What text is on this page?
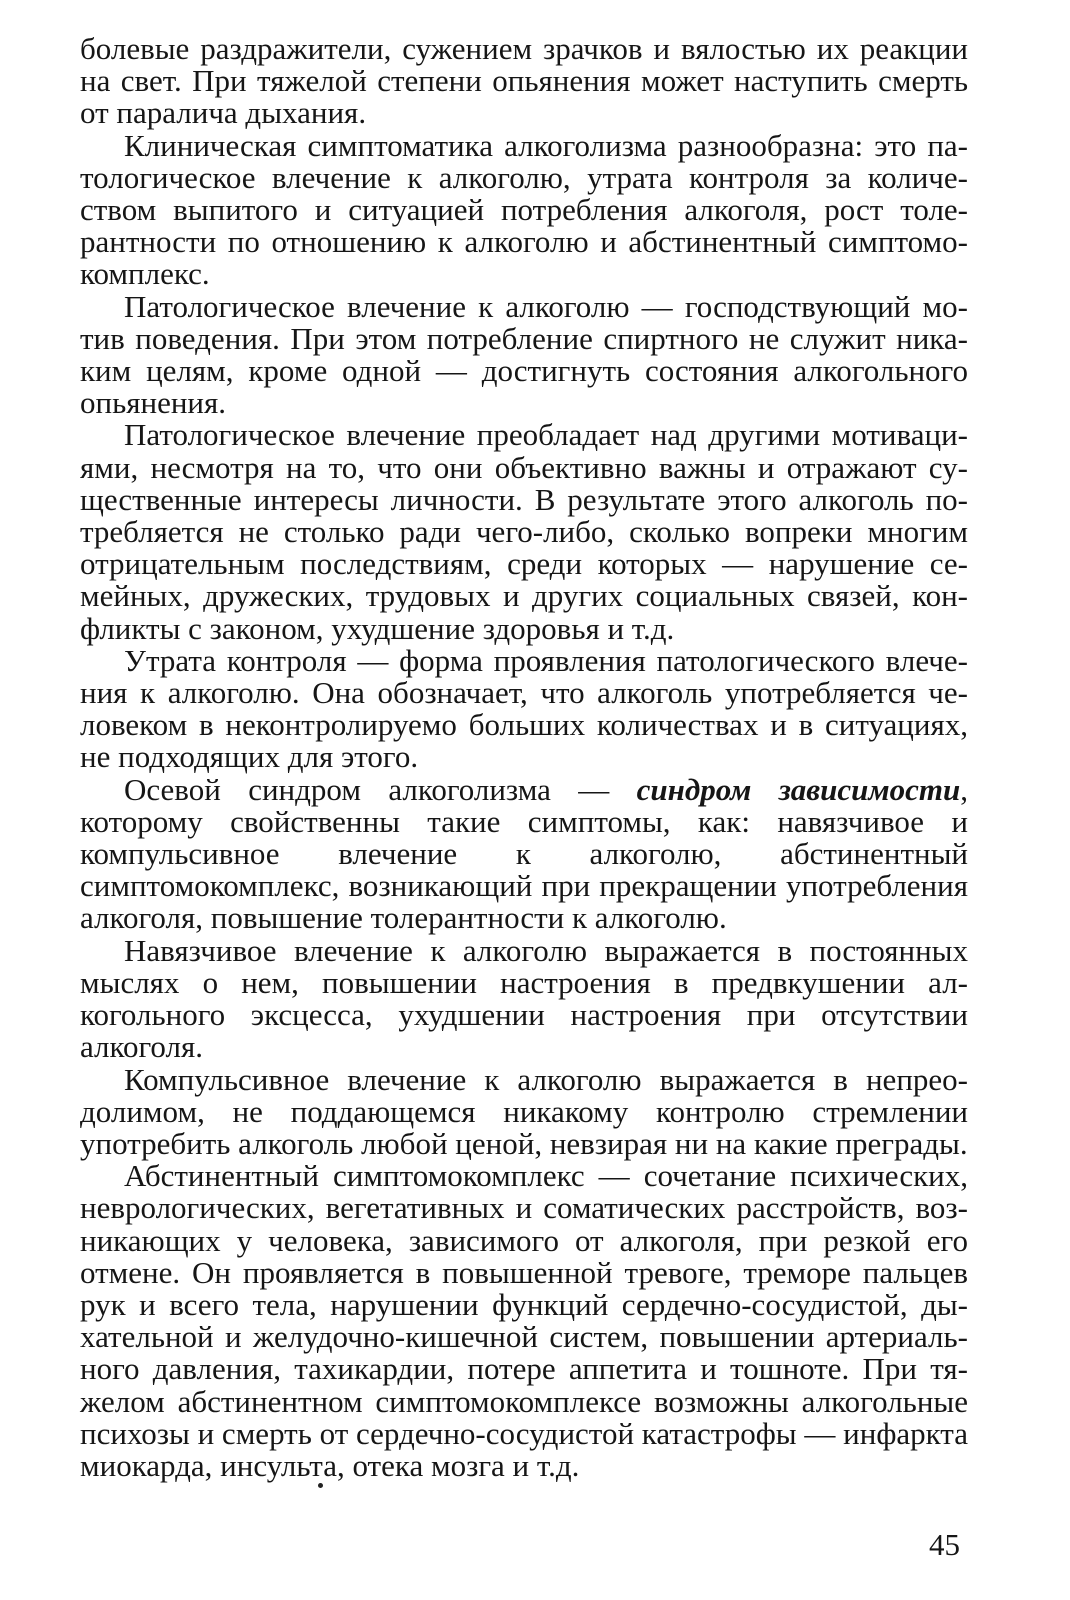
болевые раздражители, сужением зрачков и вялостью их реакции на свет. При тяжелой степени опьянения может наступить смерть от паралича дыхания.

Клиническая симптоматика алкоголизма разнообразна: это патологическое влечение к алкоголю, утрата контроля за количеством выпитого и ситуацией потребления алкоголя, рост толерантности по отношению к алкоголю и абстинентный симптомокомплекс.

Патологическое влечение к алкоголю — господствующий мотив поведения. При этом потребление спиртного не служит никаким целям, кроме одной — достигнуть состояния алкогольного опьянения.

Патологическое влечение преобладает над другими мотивациями, несмотря на то, что они объективно важны и отражают существенные интересы личности. В результате этого алкоголь потребляется не столько ради чего-либо, сколько вопреки многим отрицательным последствиям, среди которых — нарушение семейных, дружеских, трудовых и других социальных связей, конфликты с законом, ухудшение здоровья и т.д.

Утрата контроля — форма проявления патологического влечения к алкоголю. Она обозначает, что алкоголь употребляется человеком в неконтролируемо больших количествах и в ситуациях, не подходящих для этого.

Осевой синдром алкоголизма — синдром зависимости, которому свойственны такие симптомы, как: навязчивое и компульсивное влечение к алкоголю, абстинентный симптомокомплекс, возникающий при прекращении употребления алкоголя, повышение толерантности к алкоголю.

Навязчивое влечение к алкоголю выражается в постоянных мыслях о нем, повышении настроения в предвкушении алкогольного эксцесса, ухудшении настроения при отсутствии алкоголя.

Компульсивное влечение к алкоголю выражается в непреодолимом, не поддающемся никакому контролю стремлении употребить алкоголь любой ценой, невзирая ни на какие преграды.

Абстинентный симптомокомплекс — сочетание психических, неврологических, вегетативных и соматических расстройств, возникающих у человека, зависимого от алкоголя, при резкой его отмене. Он проявляется в повышенной тревоге, треморе пальцев рук и всего тела, нарушении функций сердечно-сосудистой, дыхательной и желудочно-кишечной систем, повышении артериального давления, тахикардии, потере аппетита и тошноте. При тяжелом абстинентном симптомокомплексе возможны алкогольные психозы и смерть от сердечно-сосудистой катастрофы — инфаркта миокарда, инсульта, отека мозга и т.д.

45
